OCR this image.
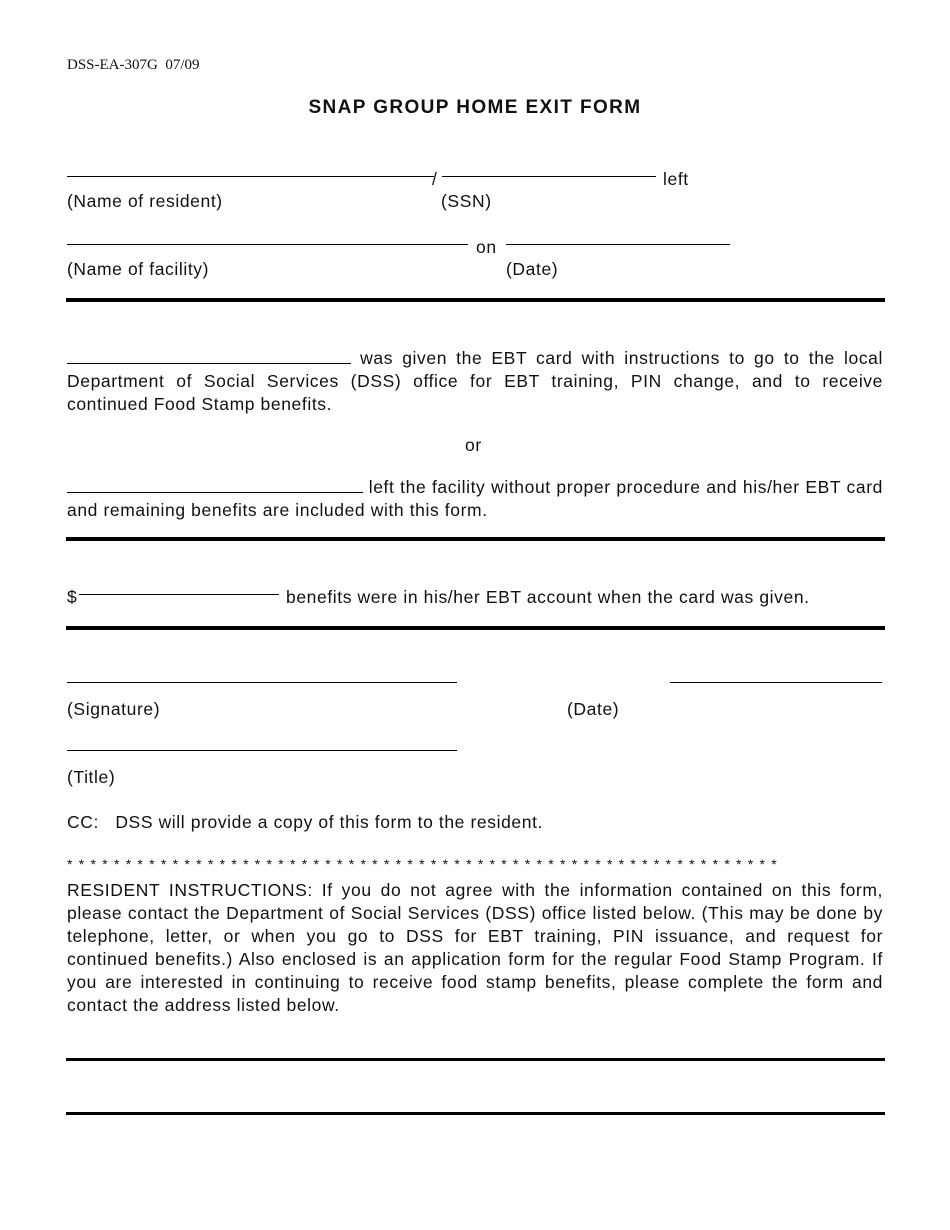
DSS-EA-307G  07/09
SNAP GROUP HOME EXIT FORM
/	left
(Name of resident)	(SSN)
on
(Name of facility)	(Date)
was given the EBT card with instructions to go to the local Department of Social Services (DSS) office for EBT training, PIN change, and to receive continued Food Stamp benefits.
or
left the facility without proper procedure and his/her EBT card and remaining benefits are included with this form.
$	benefits were in his/her EBT account when the card was given.
(Signature)	(Date)
(Title)
CC:   DSS will provide a copy of this form to the resident.
* * * * * * * * * * * * * * * * * * * * * * * * * * * * * * * * * * * * * * * * * * * * * * * * * * * * * * * * * * * * *
RESIDENT INSTRUCTIONS: If you do not agree with the information contained on this form, please contact the Department of Social Services (DSS) office listed below. (This may be done by telephone, letter, or when you go to DSS for EBT training, PIN issuance, and request for continued benefits.) Also enclosed is an application form for the regular Food Stamp Program. If you are interested in continuing to receive food stamp benefits, please complete the form and contact the address listed below.
